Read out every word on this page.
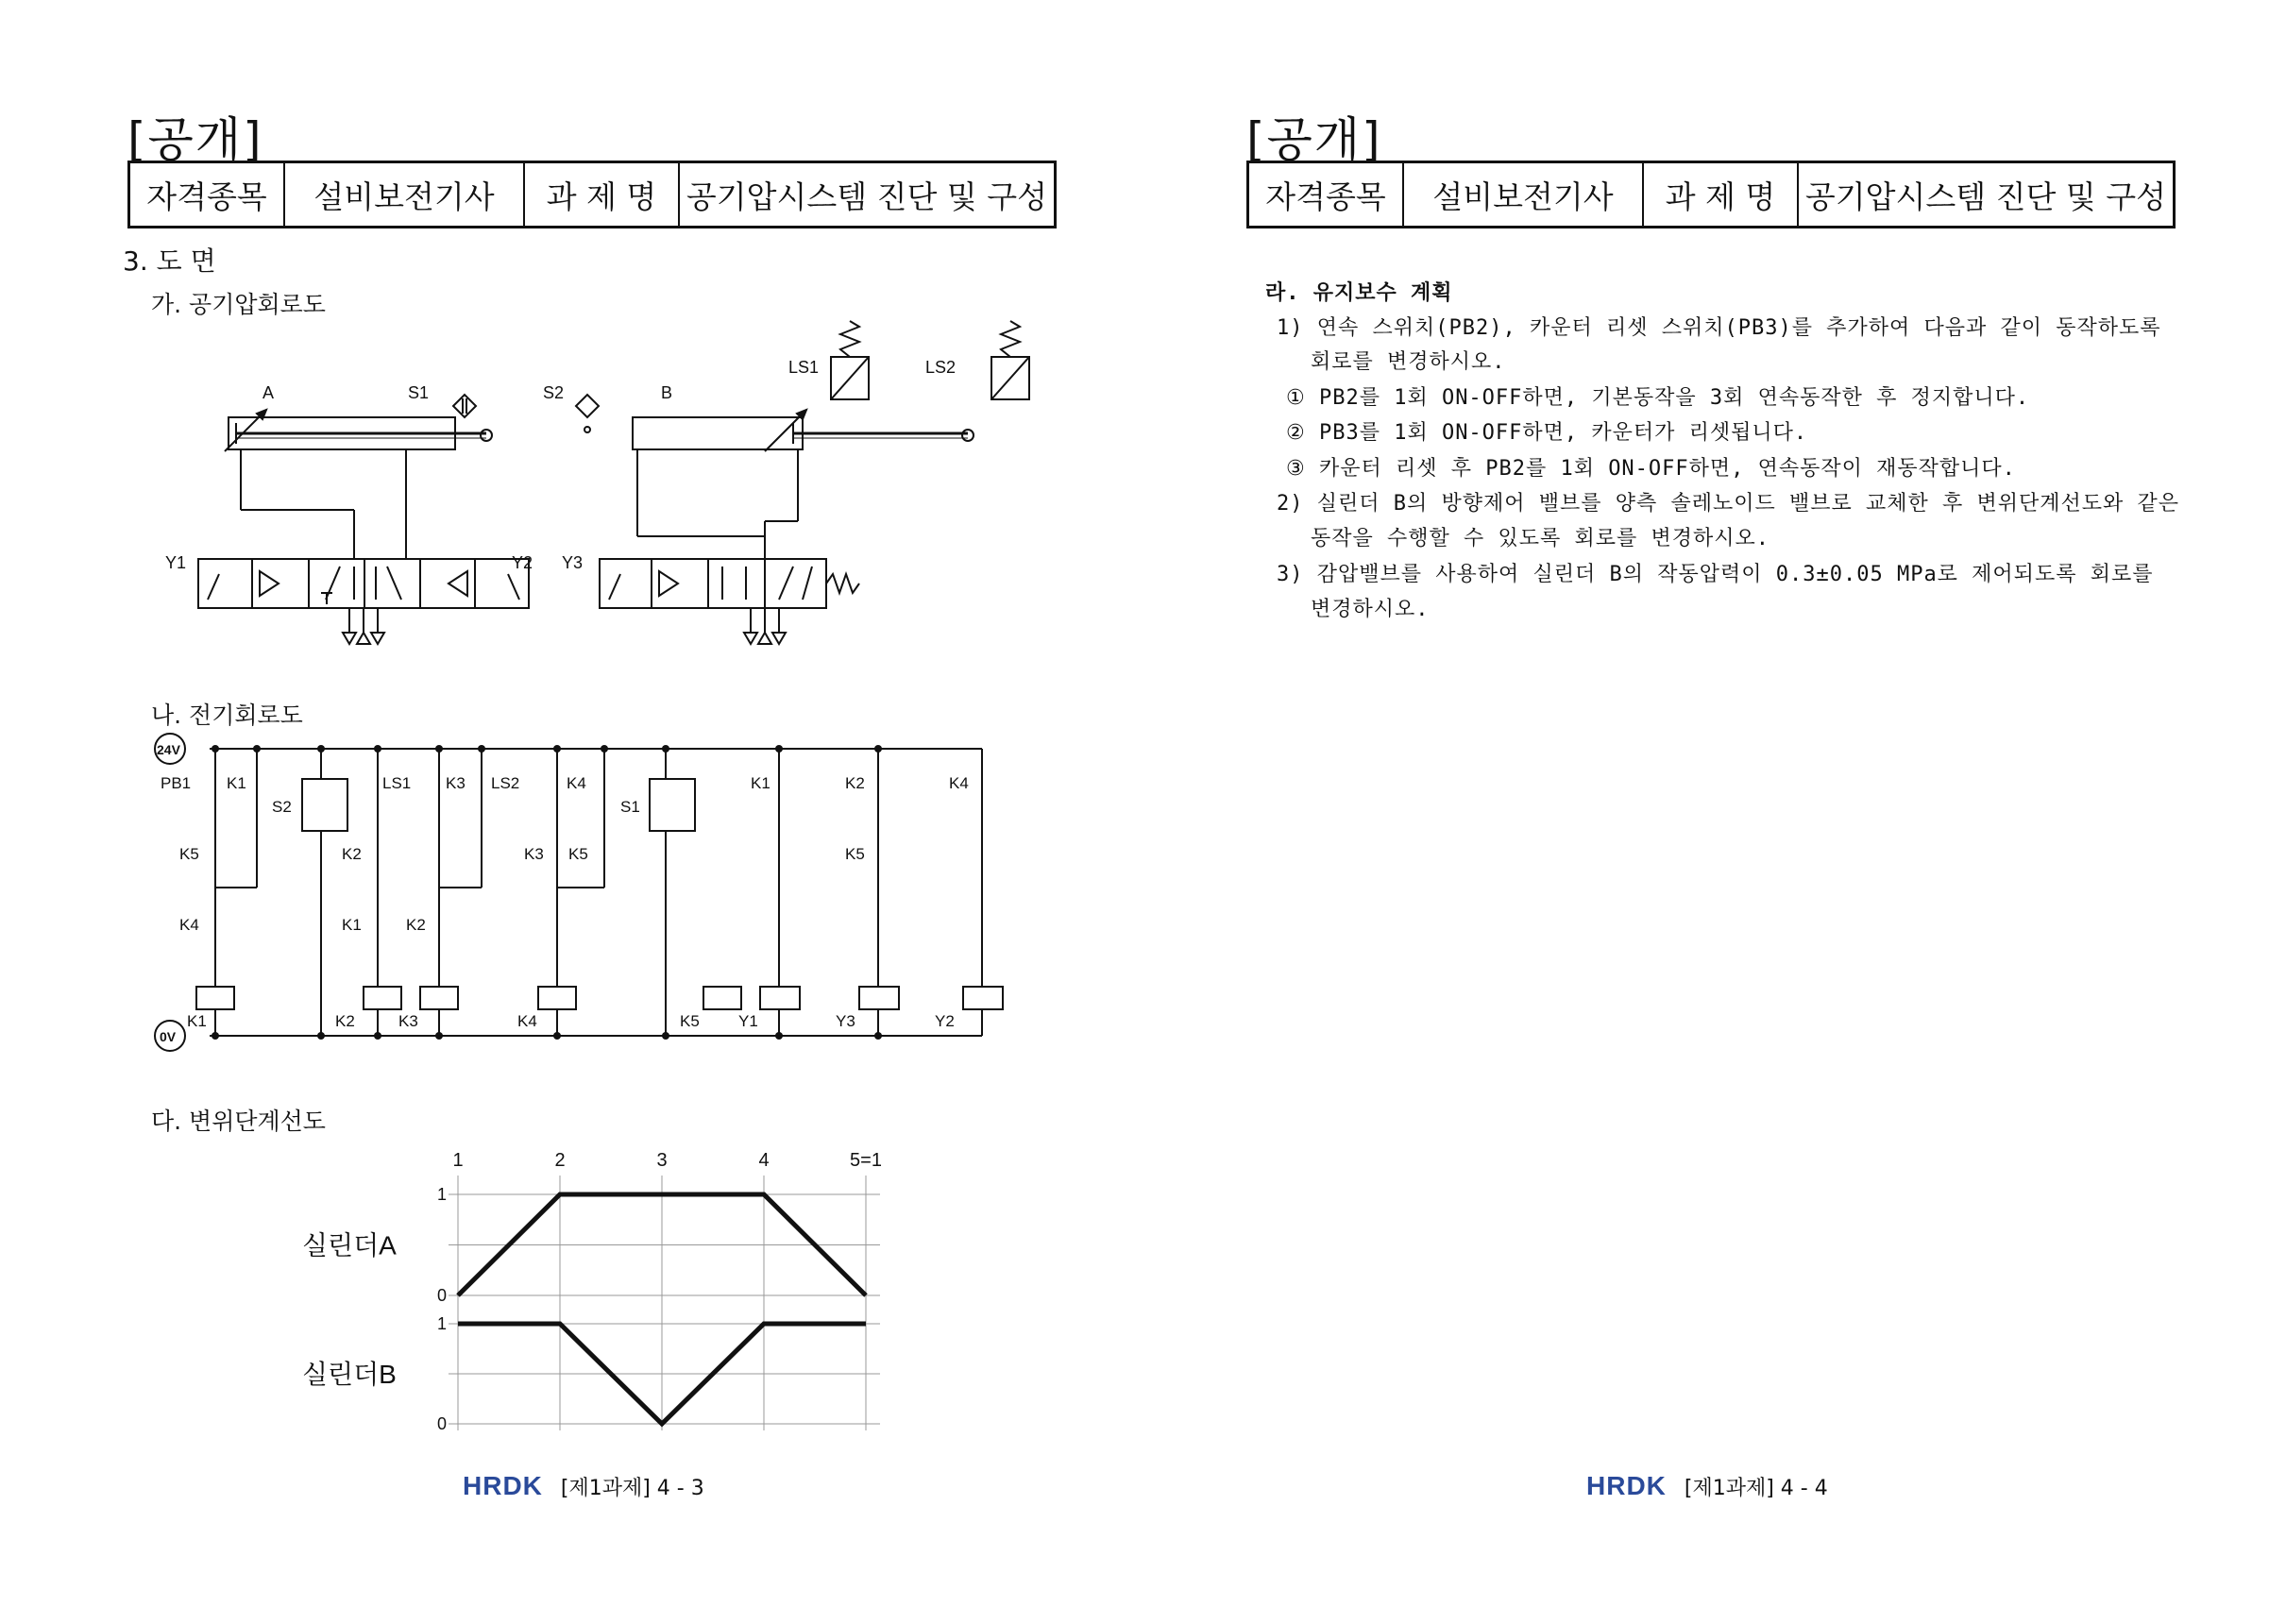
[공개]
자격종목	설비보전기사	과 제 명	공기압시스템 진단 및 구성
3. 도 면
가. 공기압회로도
A	S1	S2	B
LS1	LS2
Y1	Y2 Y3
나. 전기회로도
24V
0V
PB1 K1
S2
LS1 K3 LS2	K4
S1
K1	K2	K4
K5	K2	K3 K5	K5
K4	K1	K2
K1	K2	K3	K4	K5 Y1	Y3	Y2
다. 변위단계선도
1	2	3	4	5=1
1
0
1
0
실린더A
실린더B
HRDK [제1과제] 4 - 3
[공개]
자격종목	설비보전기사	과 제 명	공기압시스템 진단 및 구성
라. 유지보수 계획
1) 연속 스위치(PB2), 카운터 리셋 스위치(PB3)를 추가하여 다음과 같이 동작하도록
회로를 변경하시오.
① PB2를 1회 ON-OFF하면, 기본동작을 3회 연속동작한 후 정지합니다.
② PB3를 1회 ON-OFF하면, 카운터가 리셋됩니다.
③ 카운터 리셋 후 PB2를 1회 ON-OFF하면, 연속동작이 재동작합니다.
2) 실린더 B의 방향제어 밸브를 양측 솔레노이드 밸브로 교체한 후 변위단계선도와 같은
동작을 수행할 수 있도록 회로를 변경하시오.
3) 감압밸브를 사용하여 실린더 B의 작동압력이 0.3±0.05 MPa로 제어되도록 회로를
변경하시오.
HRDK [제1과제] 4 - 4
